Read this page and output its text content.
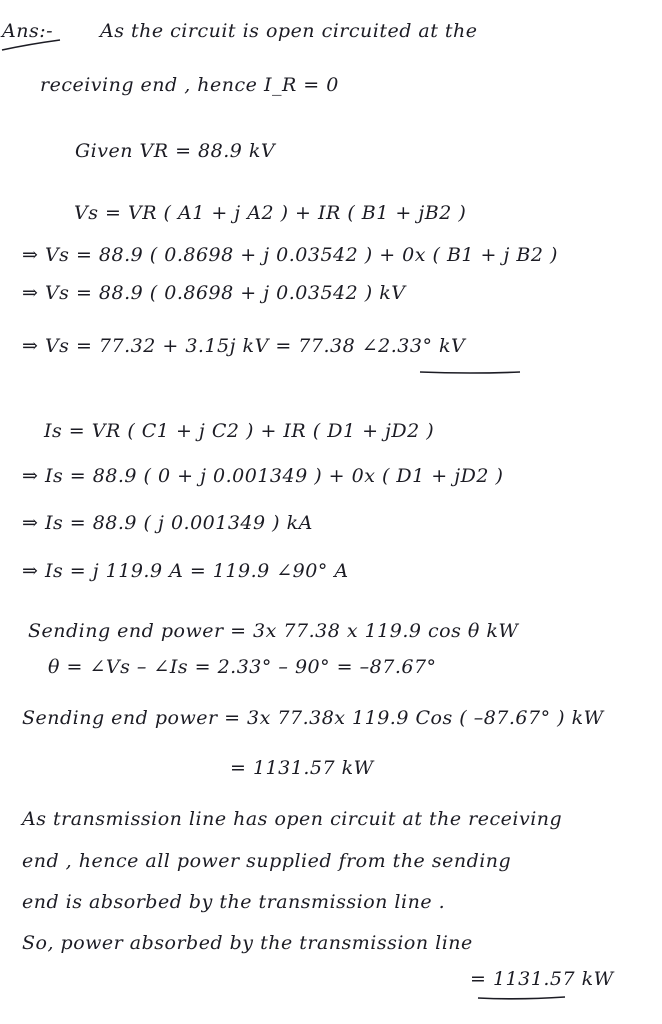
Ans:- As the circuit is open circuited at the
receiving end , hence I_R = 0
Given VR = 88.9 kV
Vs = VR ( A1 + j A2 ) + IR ( B1 + jB2 )
⇒ Vs = 88.9 ( 0.8698 + j 0.03542 ) + 0x ( B1 + j B2 )
⇒ Vs = 88.9 ( 0.8698 + j 0.03542 ) kV
⇒ Vs = 77.32 + 3.15j kV = 77.38 ∠2.33° kV
Is = VR ( C1 + j C2 ) + IR ( D1 + jD2 )
⇒ Is = 88.9 ( 0 + j 0.001349 ) + 0x ( D1 + jD2 )
⇒ Is = 88.9 ( j 0.001349 ) kA
⇒ Is = j 119.9 A = 119.9 ∠90° A
Sending end power = 3x 77.38 x 119.9 cos θ kW
θ = ∠Vs – ∠Is = 2.33° – 90° = –87.67°
Sending end power = 3x 77.38x 119.9 Cos ( –87.67° ) kW
= 1131.57 kW
As transmission line has open circuit at the receiving
end , hence all power supplied from the sending
end is absorbed by the transmission line .
So, power absorbed by the transmission line
= 1131.57 kW
